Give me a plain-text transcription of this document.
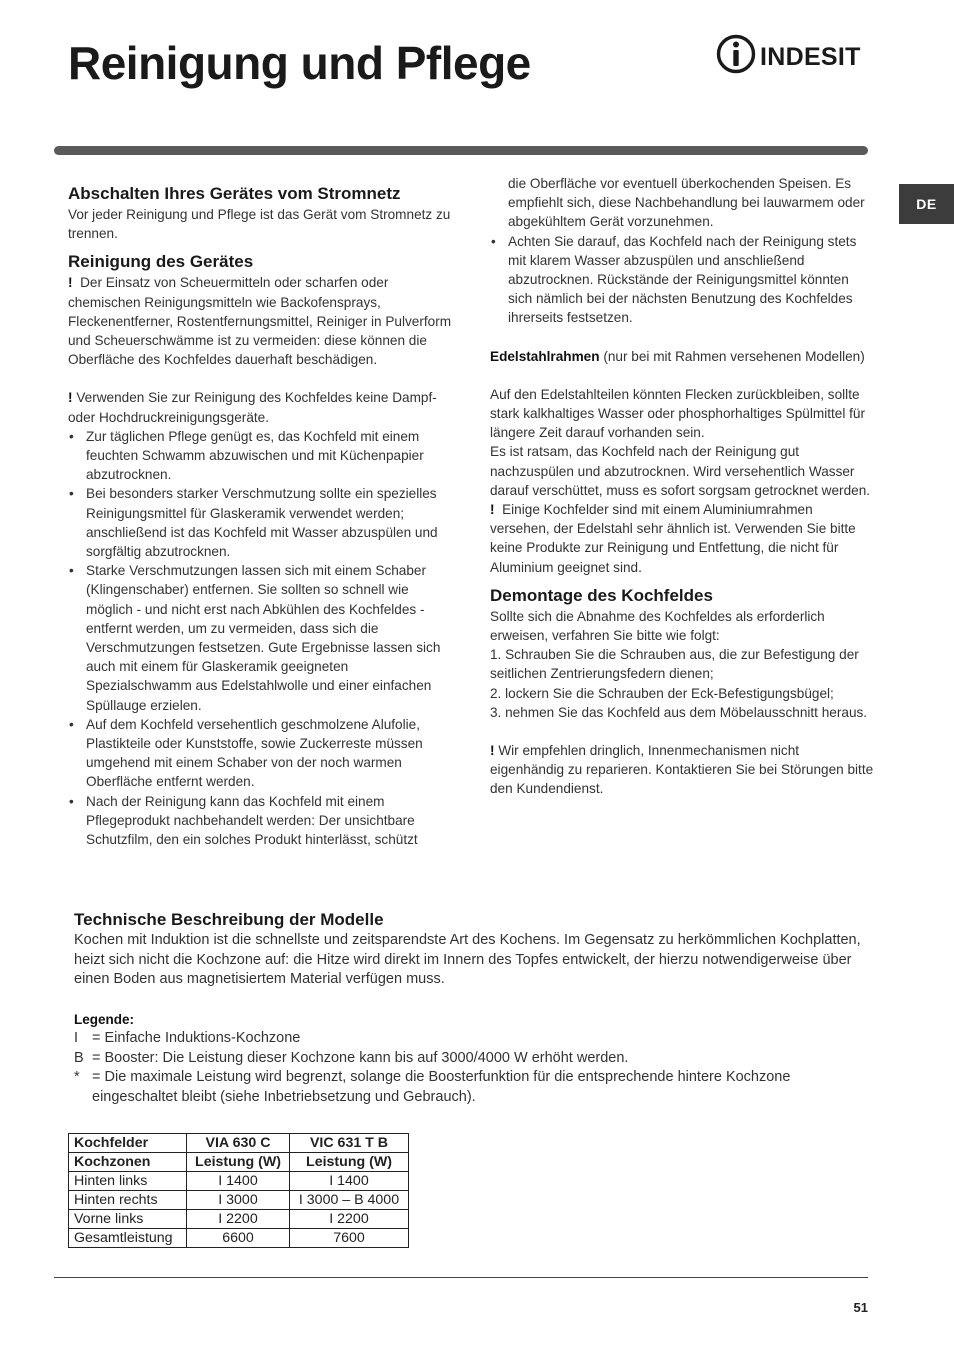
Reinigung und Pflege	INDESIT
DE
Abschalten Ihres Gerätes vom Stromnetz

Vor jeder Reinigung und Pflege ist das Gerät vom Stromnetz zu trennen.

Reinigung des Gerätes

! Der Einsatz von Scheuermitteln oder scharfen oder chemischen Reinigungsmitteln wie Backofensprays, Fleckenentferner, Rostentfernungsmittel, Reiniger in Pulverform und Scheuerschwämme ist zu vermeiden: diese können die Oberfläche des Kochfeldes dauerhaft beschädigen.

! Verwenden Sie zur Reinigung des Kochfeldes keine Dampf- oder Hochdruckreinigungsgeräte.

• Zur täglichen Pflege genügt es, das Kochfeld mit einem feuchten Schwamm abzuwischen und mit Küchenpapier abzutrocknen.
• Bei besonders starker Verschmutzung sollte ein spezielles Reinigungsmittel für Glaskeramik verwendet werden; anschließend ist das Kochfeld mit Wasser abzuspülen und sorgfältig abzutrocknen.
• Starke Verschmutzungen lassen sich mit einem Schaber (Klingenschaber) entfernen. Sie sollten so schnell wie möglich - und nicht erst nach Abkühlen des Kochfeldes - entfernt werden, um zu vermeiden, dass sich die Verschmutzungen festsetzen. Gute Ergebnisse lassen sich auch mit einem für Glaskeramik geeigneten Spezialschwamm aus Edelstahlwolle und einer einfachen Spüllauge erzielen.
• Auf dem Kochfeld versehentlich geschmolzene Alufolie, Plastikteile oder Kunststoffe, sowie Zuckerreste müssen umgehend mit einem Schaber von der noch warmen Oberfläche entfernt werden.
• Nach der Reinigung kann das Kochfeld mit einem Pflegeprodukt nachbehandelt werden: Der unsichtbare Schutzfilm, den ein solches Produkt hinterlässt, schützt

die Oberfläche vor eventuell überkochenden Speisen. Es empfiehlt sich, diese Nachbehandlung bei lauwarmem oder abgekühltem Gerät vorzunehmen.

• Achten Sie darauf, das Kochfeld nach der Reinigung stets mit klarem Wasser abzuspülen und anschließend abzutrocknen. Rückstände der Reinigungsmittel könnten sich nämlich bei der nächsten Benutzung des Kochfeldes ihrerseits festsetzen.

Edelstahlrahmen (nur bei mit Rahmen versehenen Modellen)

Auf den Edelstahlteilen könnten Flecken zurückbleiben, sollte stark kalkhaltiges Wasser oder phosphorhaltiges Spülmittel für längere Zeit darauf vorhanden sein.

Es ist ratsam, das Kochfeld nach der Reinigung gut nachzuspülen und abzutrocknen. Wird versehentlich Wasser darauf verschüttet, muss es sofort sorgsam getrocknet werden.

! Einige Kochfelder sind mit einem Aluminiumrahmen versehen, der Edelstahl sehr ähnlich ist. Verwenden Sie bitte keine Produkte zur Reinigung und Entfettung, die nicht für Aluminium geeignet sind.

Demontage des Kochfeldes

Sollte sich die Abnahme des Kochfeldes als erforderlich erweisen, verfahren Sie bitte wie folgt:

1. Schrauben Sie die Schrauben aus, die zur Befestigung der seitlichen Zentrierungsfedern dienen;

2. lockern Sie die Schrauben der Eck-Befestigungsbügel;

3. nehmen Sie das Kochfeld aus dem Möbelausschnitt heraus.

! Wir empfehlen dringlich, Innenmechanismen nicht eigenhändig zu reparieren. Kontaktieren Sie bei Störungen bitte den Kundendienst.

Technische Beschreibung der Modelle

Kochen mit Induktion ist die schnellste und zeitsparendste Art des Kochens. Im Gegensatz zu herkömmlichen Kochplatten, heizt sich nicht die Kochzone auf: die Hitze wird direkt im Innern des Topfes entwickelt, der hierzu notwendigerweise über einen Boden aus magnetisiertem Material verfügen muss.

Legende:

I = Einfache Induktions-Kochzone
B = Booster: Die Leistung dieser Kochzone kann bis auf 3000/4000 W erhöht werden.
* = Die maximale Leistung wird begrenzt, solange die Boosterfunktion für die entsprechende hintere Kochzone eingeschaltet bleibt (siehe Inbetriebsetzung und Gebrauch).
Kochfelder	VIA 630 C	VIC 631 T B
Kochzonen	Leistung (W)	Leistung (W)
Hinten links	I 1400	I 1400
Hinten rechts	I 3000	I 3000 – B 4000
Vorne links	I 2200	I 2200
Gesamtleistung	6600	7600
51
